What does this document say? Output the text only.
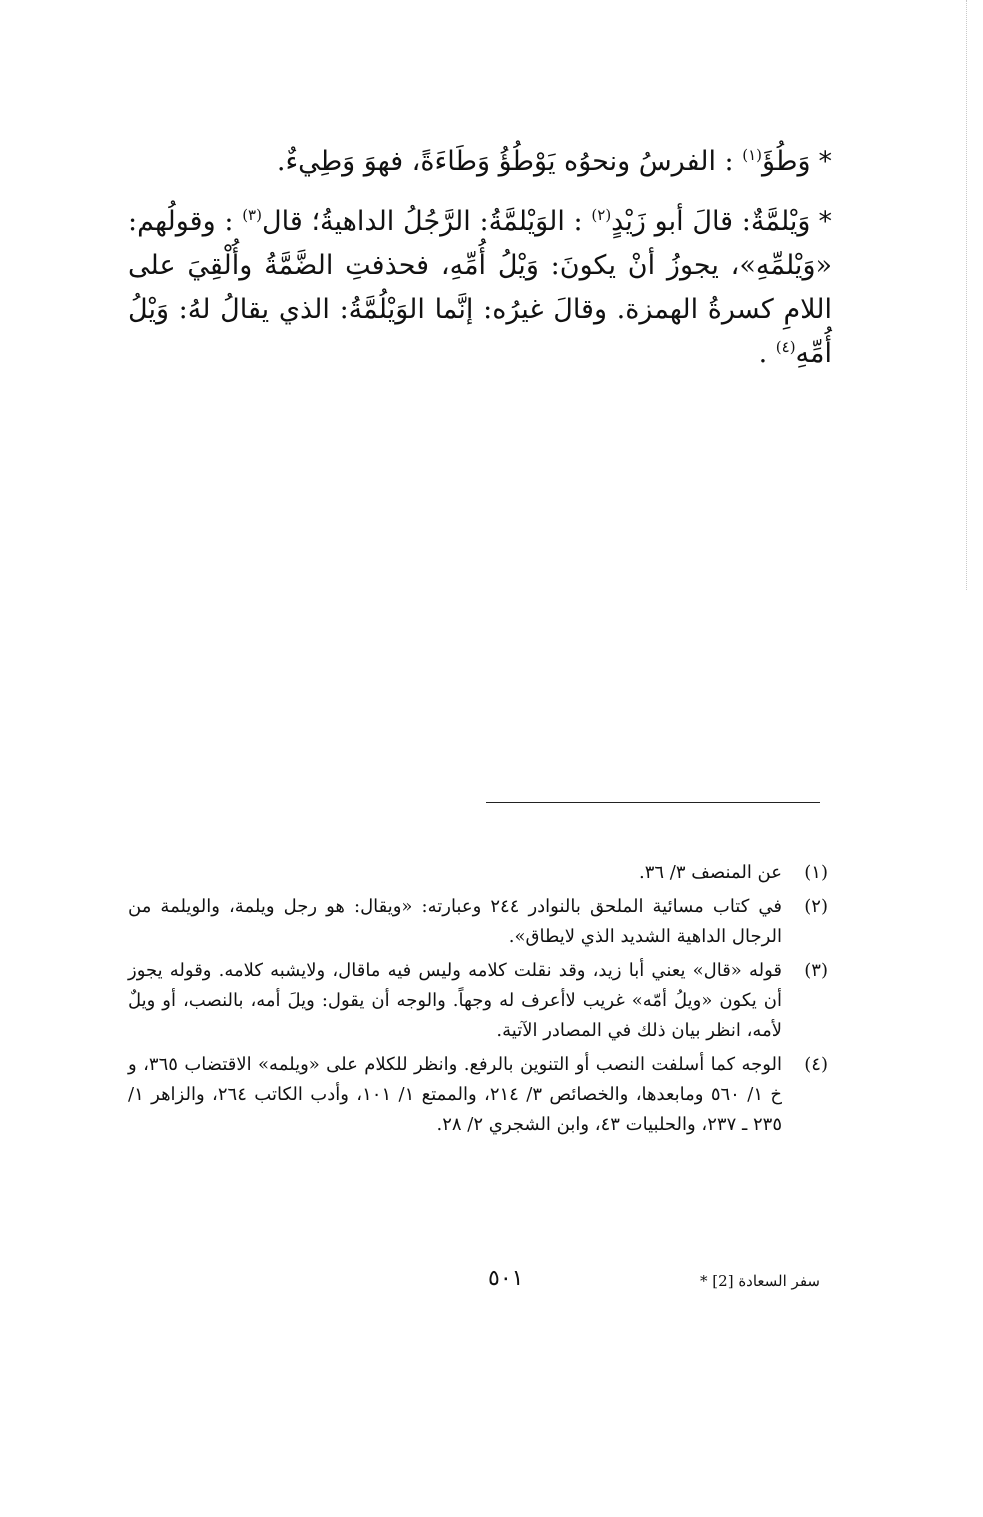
*وَطُؤَ$^{(١)}$ : الفرسُ ونحوُه يَوْطُؤُ وَطَاءَةً، فهوَ وَطِيءٌ.

*وَيْلمَّةٌ: قالَ أبو زَيْدٍ$^{(٢)}$ : الوَيْلمَّةُ: الرَّجُلُ الداهيةُ؛ قال$^{(٣)}$ : وقولُهم: «وَيْلمِّهِ»، يجوزُ أنْ يكونَ: وَيْلُ أُمِّهِ، فحذفتِ الضَّمَّةُ وأُلْقِيَ على اللامِ كسرةُ الهمزة. وقالَ غيرُه: إنَّما الوَيْلُمَّةُ: الذي يقالُ لهُ: وَيْلُ أُمِّهِ$^{(٤)}$ .

(١)
عن المنصف ٣/ ٣٦.
(٢)
في كتاب مسائية الملحق بالنوادر ٢٤٤ وعبارته: «ويقال: هو رجل ويلمة، والويلمة من الرجال الداهية الشديد الذي لايطاق».
(٣)
قوله «قال» يعني أبا زيد، وقد نقلت كلامه وليس فيه ماقال، ولايشبه كلامه. وقوله يجوز أن يكون «ويلُ أمّه» غريب لاأعرف له وجهاً. والوجه أن يقول: ويلَ أمه، بالنصب، أو ويلٌ لأمه، انظر بيان ذلك في المصادر الآتية.
(٤)
الوجه كما أسلفت النصب أو التنوين بالرفع. وانظر للكلام على «ويلمه» الاقتضاب ٣٦٥، و خ ١/ ٥٦٠ ومابعدها، والخصائص ٣/ ٢١٤، والممتع ١/ ١٠١، وأدب الكاتب ٢٦٤، والزاهر ١/ ٢٣٥ ـ ٢٣٧، والحلبيات ٤٣، وابن الشجري ٢/ ٢٨.
سفر السعادة [2] *
٥٠١
